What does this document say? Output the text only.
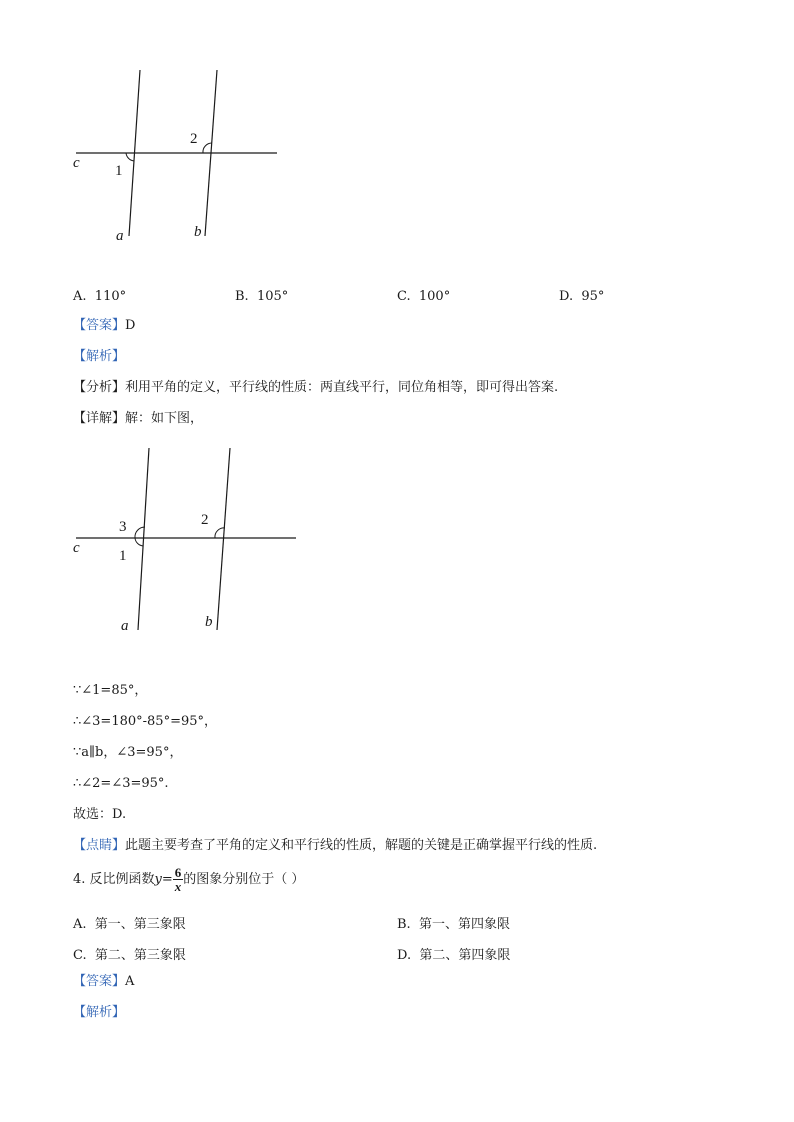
c 1
2
a	b
A. 110°	B. 105°	C. 100°	D. 95°
【答案】D
【解析】
【分析】利用平角的定义，平行线的性质：两直线平行，同位角相等，即可得出答案.
【详解】解：如下图，
c
3
1
2
a	b
∵∠1=85°，
∴∠3=180°-85°=95°，
∵a∥b，∠3=95°，
∴∠2=∠3=95°.
故选：D.
【点睛】此题主要考查了平角的定义和平行线的性质，解题的关键是正确掌握平行线的性质.
4. 反比例函数$y= \frac{6}{x}$ 的图象分别位于（ ）
A. 第一、第三象限	B. 第一、第四象限
C. 第二、第三象限	D. 第二、第四象限
【答案】A
【解析】
